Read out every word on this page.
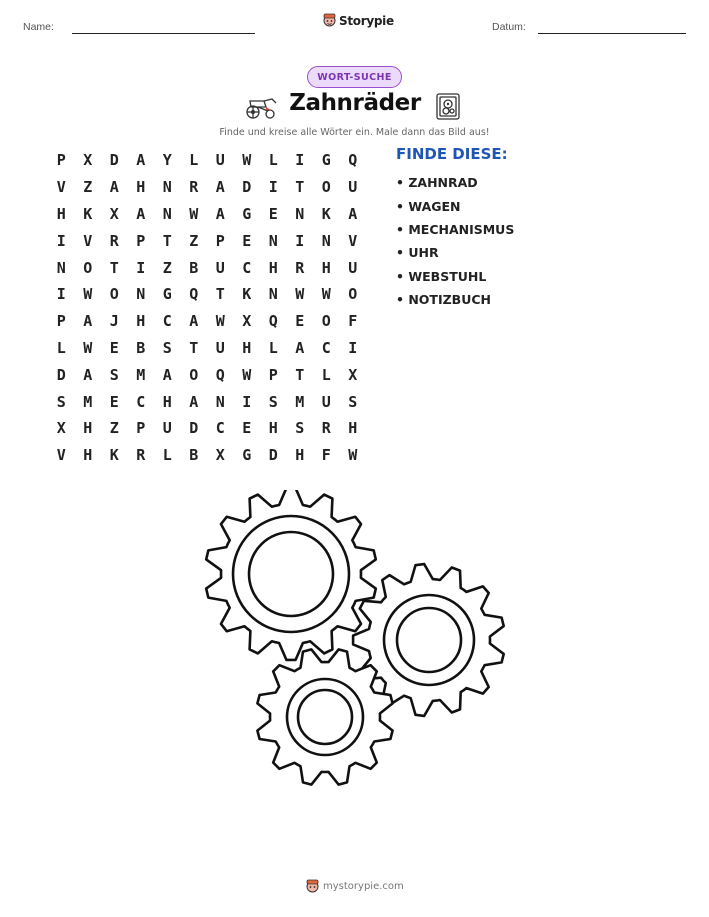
Name:	Storypie	Datum:
WORT-SUCHE
Zahnräder
Finde und kreise alle Wörter ein. Male dann das Bild aus!
P	X	D	A	Y	L	U	W	L	I	G	Q
V	Z	A	H	N	R	A	D	I	T	O	U
H	K	X	A	N	W	A	G	E	N	K	A
I	V	R	P	T	Z	P	E	N	I	N	V
N	O	T	I	Z	B	U	C	H	R	H	U
I	W	O	N	G	Q	T	K	N	W	W	O
P	A	J	H	C	A	W	X	Q	E	O	F
L	W	E	B	S	T	U	H	L	A	C	I
D	A	S	M	A	O	Q	W	P	T	L	X
S	M	E	C	H	A	N	I	S	M	U	S
X	H	Z	P	U	D	C	E	H	S	R	H
V	H	K	R	L	B	X	G	D	H	F	W
FINDE DIESE:
• ZAHNRAD
• WAGEN
• MECHANISMUS
• UHR
• WEBSTUHL
• NOTIZBUCH
mystorypie.com
